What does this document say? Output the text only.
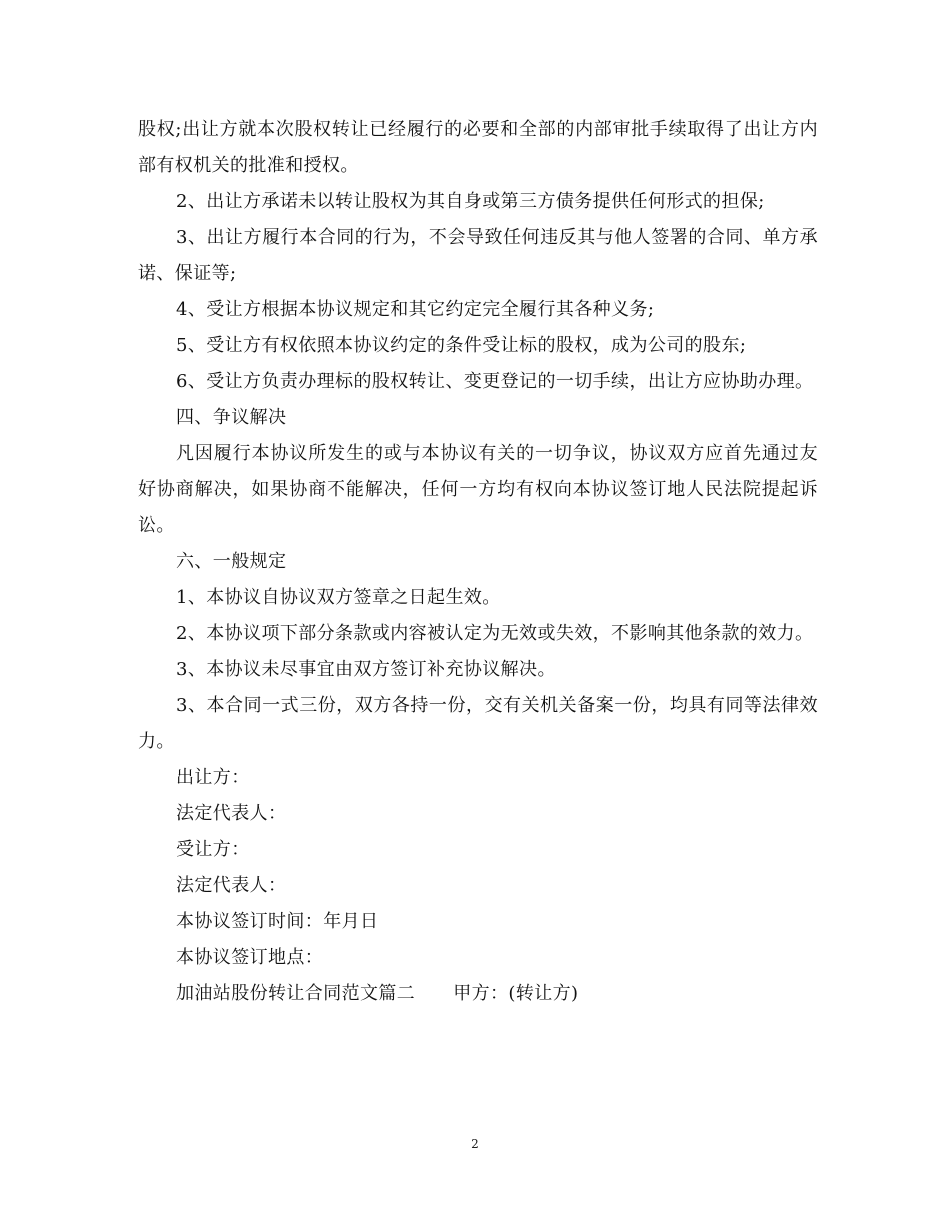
股权;出让方就本次股权转让已经履行的必要和全部的内部审批手续取得了出让方内部有权机关的批准和授权。

2、出让方承诺未以转让股权为其自身或第三方债务提供任何形式的担保;

3、出让方履行本合同的行为，不会导致任何违反其与他人签署的合同、单方承诺、保证等;

4、受让方根据本协议规定和其它约定完全履行其各种义务;

5、受让方有权依照本协议约定的条件受让标的股权，成为公司的股东;

6、受让方负责办理标的股权转让、变更登记的一切手续，出让方应协助办理。

四、争议解决

凡因履行本协议所发生的或与本协议有关的一切争议，协议双方应首先通过友好协商解决，如果协商不能解决，任何一方均有权向本协议签订地人民法院提起诉讼。

六、一般规定

1、本协议自协议双方签章之日起生效。

2、本协议项下部分条款或内容被认定为无效或失效，不影响其他条款的效力。

3、本协议未尽事宜由双方签订补充协议解决。

3、本合同一式三份，双方各持一份，交有关机关备案一份，均具有同等法律效力。

出让方：

法定代表人：

受让方：

法定代表人：

本协议签订时间：年月日

本协议签订地点：

加油站股份转让合同范文篇二 甲方：(转让方)

2
